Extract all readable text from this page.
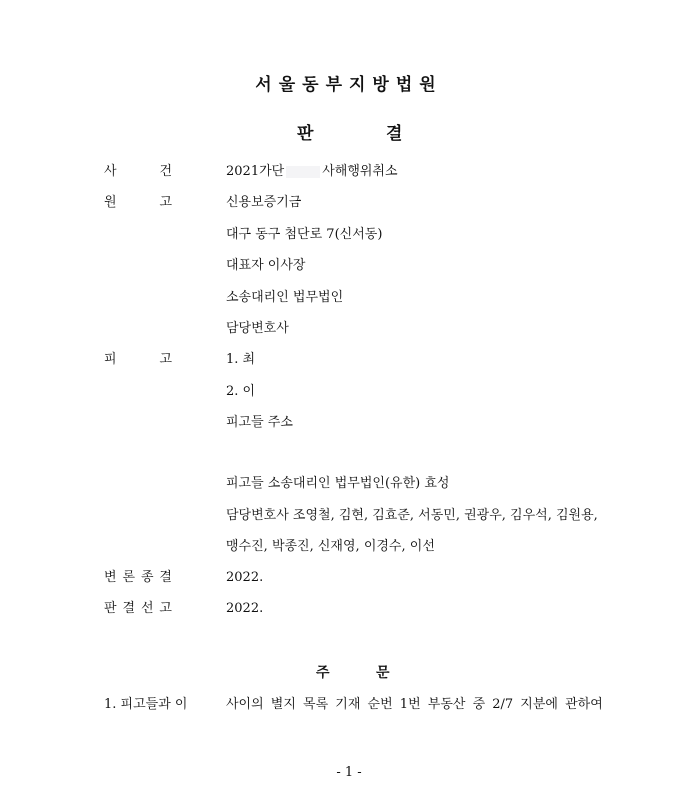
서울동부지방법원
판	결
사	건	2021가단	사해행위취소
원	고	신용보증기금
대구 동구 첨단로 7(신서동)
대표자 이사장
소송대리인 법무법인
담당변호사
피	고	1. 최
2. 이
피고들 주소
피고들 소송대리인 법무법인(유한) 효성
담당변호사 조영철, 김현, 김효준, 서동민, 권광우, 김우석, 김원용,
맹수진, 박종진, 신재영, 이경수, 이선
변 론 종 결	2022.
판 결 선 고	2022.
주	문
1. 피고들과 이	사이의 별지 목록 기재 순번 1번 부동산 중 2/7 지분에 관하여
- 1 -
